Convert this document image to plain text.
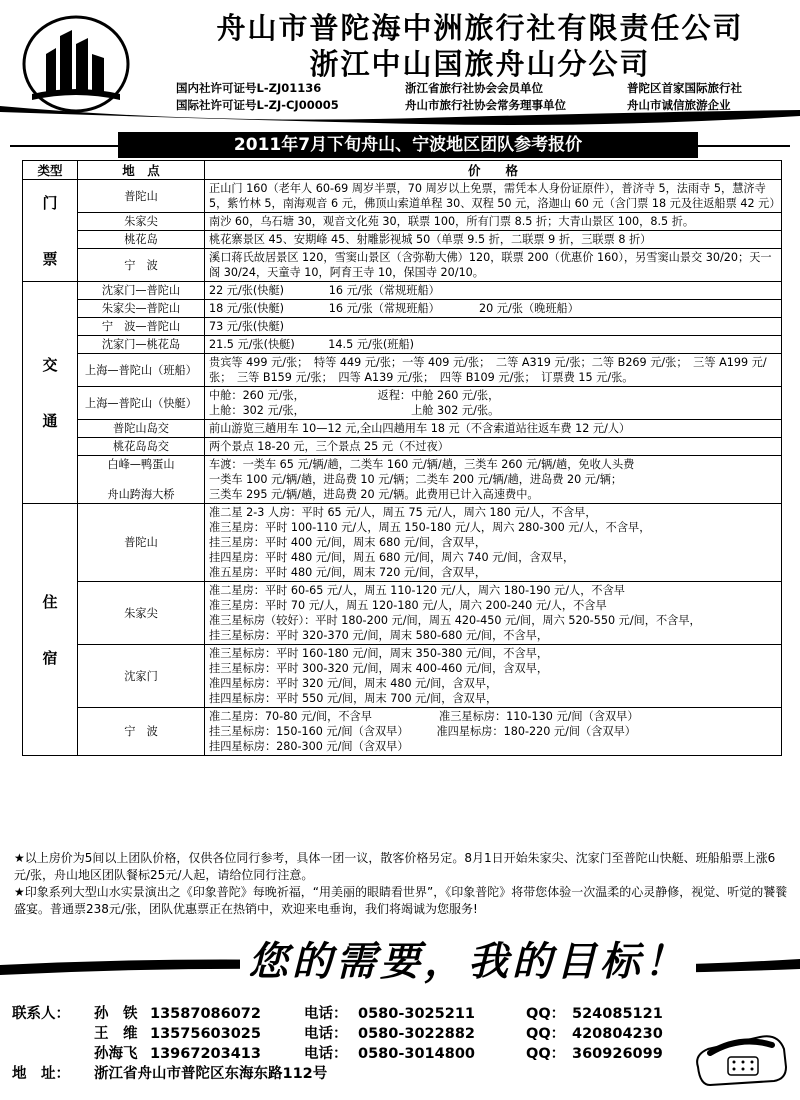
舟山市普陀海中洲旅行社有限责任公司
浙江中山国旅舟山分公司
国内社许可证号L-ZJ01136	浙江省旅行社协会会员单位	普陀区首家国际旅行社
国际社许可证号L-ZJ-CJ00005	舟山市旅行社协会常务理事单位	舟山市诚信旅游企业
2011年7月下旬舟山、宁波地区团队参考报价
类型	地　点	价　　格
门

票	普陀山	正山门 160（老年人 60-69 周岁半票，70 周岁以上免票，需凭本人身份证原件），普济寺 5，法雨寺 5，慧济寺 5，紫竹林 5，南海观音 6 元，佛顶山索道单程 30、双程 50 元，洛迦山 60 元（含门票 18 元及往返船票 42 元）
	朱家尖	南沙 60，乌石塘 30，观音文化苑 30，联票 100，所有门票 8.5 折；大青山景区 100，8.5 折。
	桃花岛	桃花寨景区 45、安期峰 45、射雕影视城 50（单票 9.5 折，二联票 9 折，三联票 8 折）
	宁　波	溪口蒋氏故居景区 120，雪窦山景区（含弥勒大佛）120，联票 200（优惠价 160），另雪窦山景交 30/20；天一阁 30/24，天童寺 10，阿育王寺 10，保国寺 20/10。
交

通	沈家门—普陀山	22 元/张(快艇)　　　　16 元/张（常规班船）
	朱家尖—普陀山	18 元/张(快艇)　　　　16 元/张（常规班船）　　　　20 元/张（晚班船）
	宁　波—普陀山	73 元/张(快艇)
	沈家门—桃花岛	21.5 元/张(快艇)　　　14.5 元/张(班船)
	上海—普陀山（班船）	贵宾等 499 元/张；　特等 449 元/张；一等 409 元/张；　二等 A319 元/张；二等 B269 元/张；　三等 A199 元/张；　三等 B159 元/张；　四等 A139 元/张；　四等 B109 元/张；　订票费 15 元/张。
	上海—普陀山（快艇）	中舱：260 元/张，　　　　　　　返程：中舱 260 元/张，
上舱：302 元/张，　　　　　　　　　　上舱 302 元/张。
	普陀山岛交	前山游览三趟用车 10—12 元,全山四趟用车 18 元（不含索道站往返车费 12 元/人）
	桃花岛岛交	两个景点 18-20 元，三个景点 25 元（不过夜）
	白峰—鸭蛋山

舟山跨海大桥	车渡：一类车 65 元/辆/趟，二类车 160 元/辆/趟，三类车 260 元/辆/趟，免收人头费
一类车 100 元/辆/趟，进岛费 10 元/辆；二类车 200 元/辆/趟，进岛费 20 元/辆；
三类车 295 元/辆/趟，进岛费 20 元/辆。此费用已计入高速费中。
住

宿	普陀山	准二星 2-3 人房：平时 65 元/人，周五 75 元/人，周六 180 元/人，不含早，
准三星房：平时 100-110 元/人，周五 150-180 元/人，周六 280-300 元/人，不含早，
挂三星房：平时 400 元/间，周末 680 元/间，含双早，
挂四星房：平时 480 元/间，周五 680 元/间，周六 740 元/间，含双早，
准五星房：平时 480 元/间，周末 720 元/间，含双早，
	朱家尖	准二星房：平时 60-65 元/人，周五 110-120 元/人，周六 180-190 元/人，不含早
准三星房：平时 70 元/人，周五 120-180 元/人，周六 200-240 元/人，不含早
准三星标房（较好）：平时 180-200 元/间，周五 420-450 元/间，周六 520-550 元/间，不含早，
挂三星标房：平时 320-370 元/间，周末 580-680 元/间，不含早，
	沈家门	准三星标房：平时 160-180 元/间，周末 350-380 元/间，不含早，
挂三星标房：平时 300-320 元/间，周末 400-460 元/间，含双早，
准四星标房：平时 320 元/间，周末 480 元/间，含双早，
挂四星标房：平时 550 元/间，周末 700 元/间，含双早，
	宁　波	准二星房：70-80 元/间，不含早　　　　　　准三星标房：110-130 元/间（含双早）
挂三星标房：150-160 元/间（含双早）　　　准四星标房：180-220 元/间（含双早）
挂四星标房：280-300 元/间（含双早）

★以上房价为5间以上团队价格，仅供各位同行参考，具体一团一议，散客价格另定。8月1日开始朱家尖、沈家门至普陀山快艇、班船船票上涨6元/张，舟山地区团队餐标25元/人起，请给位同行注意。

★印象系列大型山水实景演出之《印象普陀》每晚祈福，“用美丽的眼睛看世界”，《印象普陀》将带您体验一次温柔的心灵静修，视觉、听觉的饕餮盛宴。普通票238元/张，团队优惠票正在热销中，欢迎来电垂询，我们将竭诚为您服务!

您的需要，我的目标！
联系人： 孙　铁 13587086072	电话： 0580-3025211	QQ： 524085121
王　维 13575603025	电话： 0580-3022882	QQ： 420804230
孙海飞 13967203413	电话： 0580-3014800	QQ： 360926099
地　址： 浙江省舟山市普陀区东海东路112号
